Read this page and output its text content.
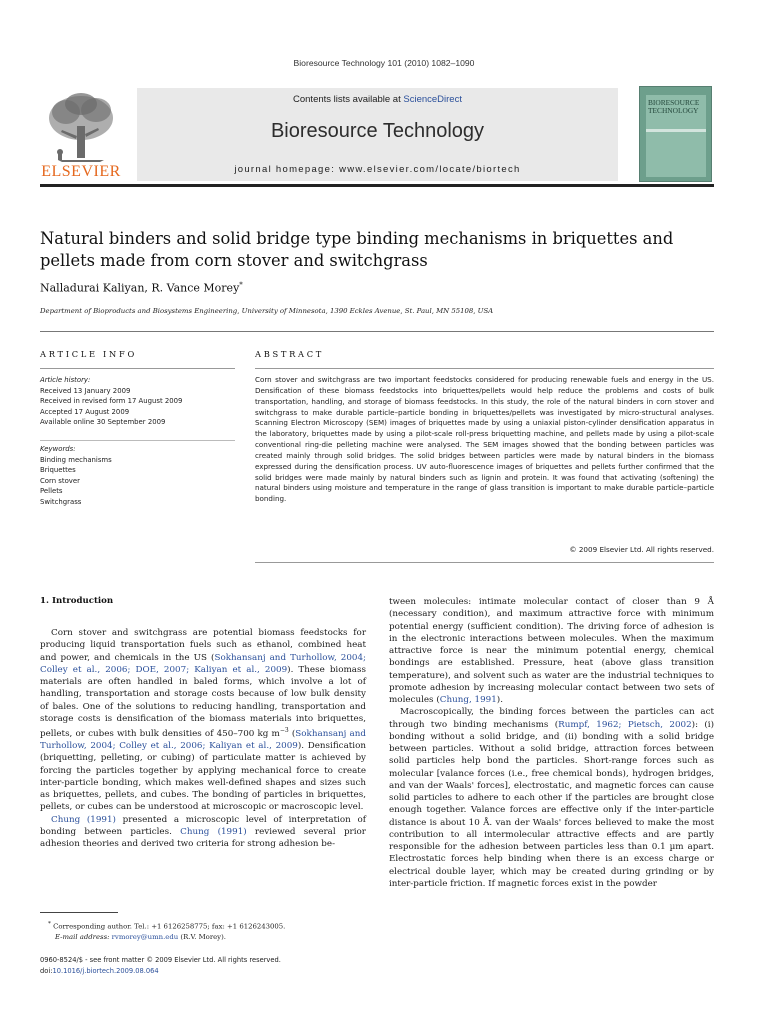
Bioresource Technology 101 (2010) 1082–1090
ELSEVIER
Contents lists available at ScienceDirect
Bioresource Technology
journal homepage: www.elsevier.com/locate/biortech
BIORESOURCE TECHNOLOGY
Natural binders and solid bridge type binding mechanisms in briquettes and pellets made from corn stover and switchgrass
Nalladurai Kaliyan, R. Vance Morey*
Department of Bioproducts and Biosystems Engineering, University of Minnesota, 1390 Eckles Avenue, St. Paul, MN 55108, USA
ARTICLE INFO
Article history:
Received 13 January 2009
Received in revised form 17 August 2009
Accepted 17 August 2009
Available online 30 September 2009
Keywords:
Binding mechanisms
Briquettes
Corn stover
Pellets
Switchgrass
ABSTRACT
Corn stover and switchgrass are two important feedstocks considered for producing renewable fuels and energy in the US. Densification of these biomass feedstocks into briquettes/pellets would help reduce the problems and costs of bulk transportation, handling, and storage of biomass feedstocks. In this study, the role of the natural binders in corn stover and switchgrass to make durable particle–particle bonding in briquettes/pellets was investigated by micro-structural analyses. Scanning Electron Microscopy (SEM) images of briquettes made by using a uniaxial piston-cylinder densification apparatus in the laboratory, briquettes made by using a pilot-scale roll-press briquetting machine, and pellets made by using a pilot-scale conventional ring-die pelleting machine were analysed. The SEM images showed that the bonding between particles was created mainly through solid bridges. The solid bridges between particles were made by natural binders in the biomass expressed during the densification process. UV auto-fluorescence images of briquettes and pellets further confirmed that the solid bridges were made mainly by natural binders such as lignin and protein. It was found that activating (softening) the natural binders using moisture and temperature in the range of glass transition is important to make durable particle–particle bonding.
© 2009 Elsevier Ltd. All rights reserved.
1. Introduction

Corn stover and switchgrass are potential biomass feedstocks for producing liquid transportation fuels such as ethanol, combined heat and power, and chemicals in the US (Sokhansanj and Turhollow, 2004; Colley et al., 2006; DOE, 2007; Kaliyan et al., 2009). These biomass materials are often handled in baled forms, which involve a lot of handling, transportation and storage costs because of low bulk density of bales. One of the solutions to reducing handling, transportation and storage costs is densification of the biomass materials into briquettes, pellets, or cubes with bulk densities of 450–700 kg $m^{-3}$ (Sokhansanj and Turhollow, 2004; Colley et al., 2006; Kaliyan et al., 2009). Densification (briquetting, pelleting, or cubing) of particulate matter is achieved by forcing the particles together by applying mechanical force to create inter-particle bonding, which makes well-defined shapes and sizes such as briquettes, pellets, and cubes. The bonding of particles in briquettes, pellets, or cubes can be understood at microscopic or macroscopic level.

Chung (1991) presented a microscopic level of interpretation of bonding between particles. Chung (1991) reviewed several prior adhesion theories and derived two criteria for strong adhesion be-

tween molecules: intimate molecular contact of closer than 9 Å (necessary condition), and maximum attractive force with minimum potential energy (sufficient condition). The driving force of adhesion is in the electronic interactions between molecules. When the maximum attractive force is near the minimum potential energy, chemical bondings are established. Pressure, heat (above glass transition temperature), and solvent such as water are the industrial techniques to promote adhesion by increasing molecular contact between two sets of molecules (Chung, 1991).

Macroscopically, the binding forces between the particles can act through two binding mechanisms (Rumpf, 1962; Pietsch, 2002): (i) bonding without a solid bridge, and (ii) bonding with a solid bridge between particles. Without a solid bridge, attraction forces between solid particles help bond the particles. Short-range forces such as molecular [valance forces (i.e., free chemical bonds), hydrogen bridges, and van der Waals' forces], electrostatic, and magnetic forces can cause solid particles to adhere to each other if the particles are brought close enough together. Valance forces are effective only if the inter-particle distance is about 10 Å. van der Waals' forces believed to make the most contribution to all intermolecular attractive effects and are partly responsible for the adhesion between particles less than 0.1 µm apart. Electrostatic forces help binding when there is an excess charge or electrical double layer, which may be created during grinding or by inter-particle friction. If magnetic forces exist in the powder

* Corresponding author. Tel.: +1 6126258775; fax: +1 6126243005.
E-mail address: rvmorey@umn.edu (R.V. Morey).
0960-8524/$ - see front matter © 2009 Elsevier Ltd. All rights reserved.
doi:10.1016/j.biortech.2009.08.064
